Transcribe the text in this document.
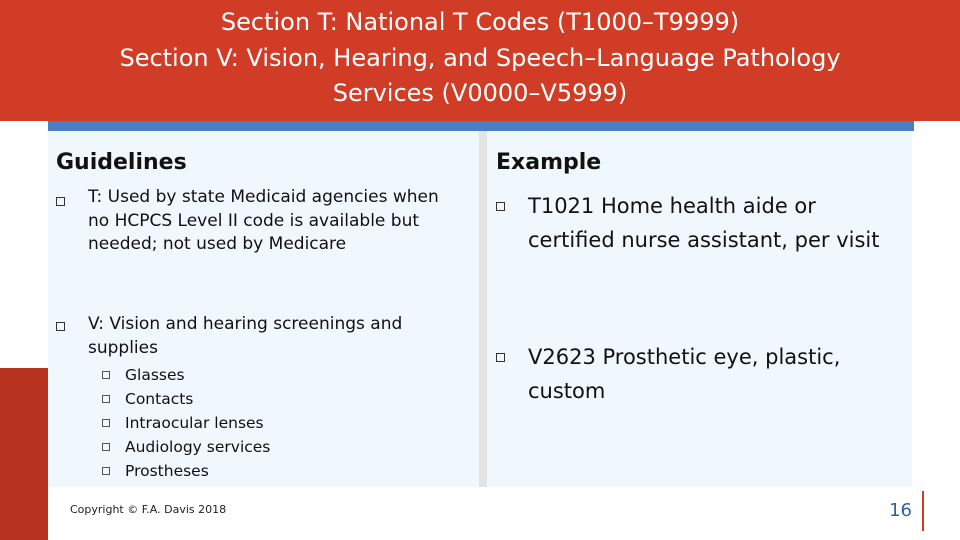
Section T: National T Codes (T1000–T9999)
Section V: Vision, Hearing, and Speech–Language Pathology
Services (V0000–V5999)
Guidelines
T: Used by state Medicaid agencies when no HCPCS Level II code is available but needed; not used by Medicare
V: Vision and hearing screenings and supplies
Glasses
Contacts
Intraocular lenses
Audiology services
Prostheses
Example
T1021 Home health aide or certified nurse assistant, per visit
V2623 Prosthetic eye, plastic, custom
Copyright © F.A. Davis 2018	16
